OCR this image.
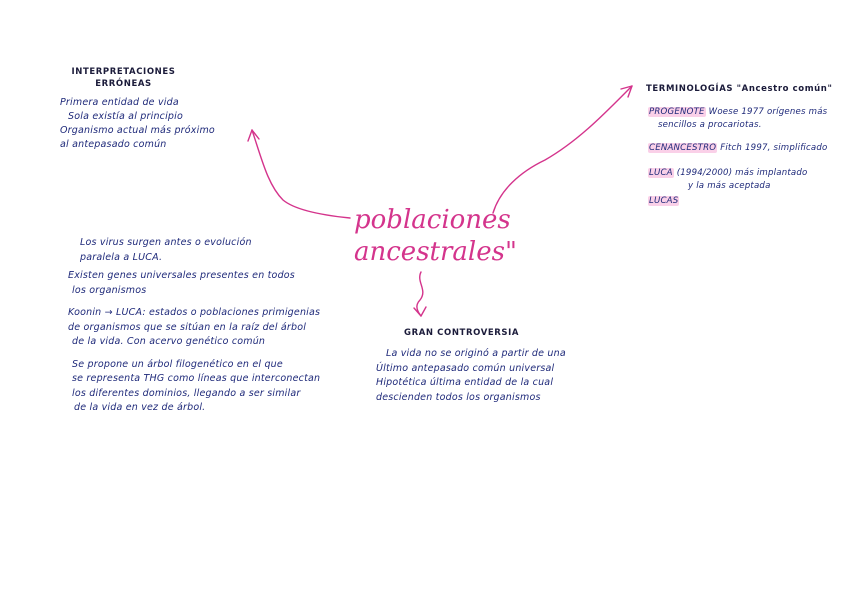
poblaciones
ancestrales"
INTERPRETACIONES
ERRÓNEAS
Primera entidad de vida
Sola existía al principio
Organismo actual más próximo
al antepasado común
Los virus surgen antes o evolución
paralela a LUCA.
Existen genes universales presentes en todos
los organismos
Koonin → LUCA: estados o poblaciones primigenias
de organismos que se sitúan en la raíz del árbol
de la vida. Con acervo genético común
Se propone un árbol filogenético en el que
se representa THG como líneas que interconectan
los diferentes dominios, llegando a ser similar
de la vida en vez de árbol.
TERMINOLOGÍAS "Ancestro común"
PROGENOTE Woese 1977 orígenes más
sencillos a procariotas.
CENANCESTRO Fitch 1997, simplificado
LUCA (1994/2000) más implantado
y la más aceptada
LUCAS
GRAN CONTROVERSIA
La vida no se originó a partir de una
Último antepasado común universal
Hipotética última entidad de la cual
descienden todos los organismos
